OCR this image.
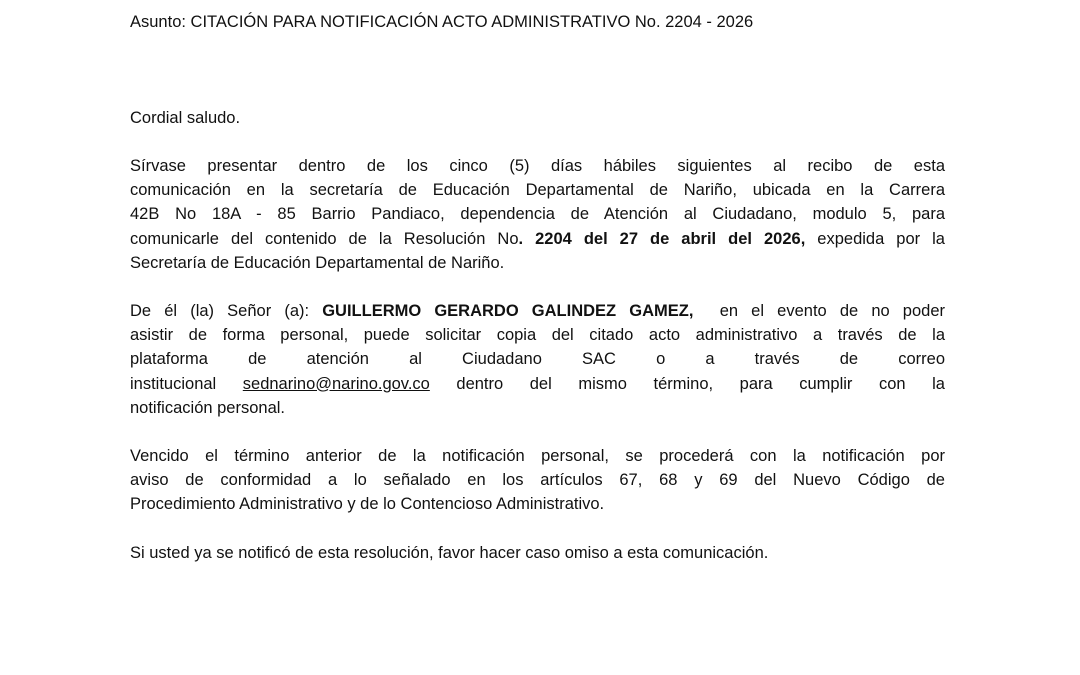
Asunto: CITACIÓN PARA NOTIFICACIÓN ACTO ADMINISTRATIVO No. 2204 - 2026
Cordial saludo.
Sírvase presentar dentro de los cinco (5) días hábiles siguientes al recibo de esta
comunicación en la secretaría de Educación Departamental de Nariño, ubicada en la Carrera
42B No 18A - 85 Barrio Pandiaco, dependencia de Atención al Ciudadano, modulo 5, para
comunicarle del contenido de la Resolución No. 2204 del 27 de abril del 2026, expedida por la
Secretaría de Educación Departamental de Nariño.
De él (la) Señor (a): GUILLERMO GERARDO GALINDEZ GAMEZ,  en el evento de no poder
asistir de forma personal, puede solicitar copia del citado acto administrativo a través de la
plataforma de atención al Ciudadano SAC o a través de correo
institucional sednarino@narino.gov.co dentro del mismo término, para cumplir con la
notificación personal.
Vencido el término anterior de la notificación personal, se procederá con la notificación por
aviso de conformidad a lo señalado en los artículos 67, 68 y 69 del Nuevo Código de
Procedimiento Administrativo y de lo Contencioso Administrativo.
Si usted ya se notificó de esta resolución, favor hacer caso omiso a esta comunicación.
